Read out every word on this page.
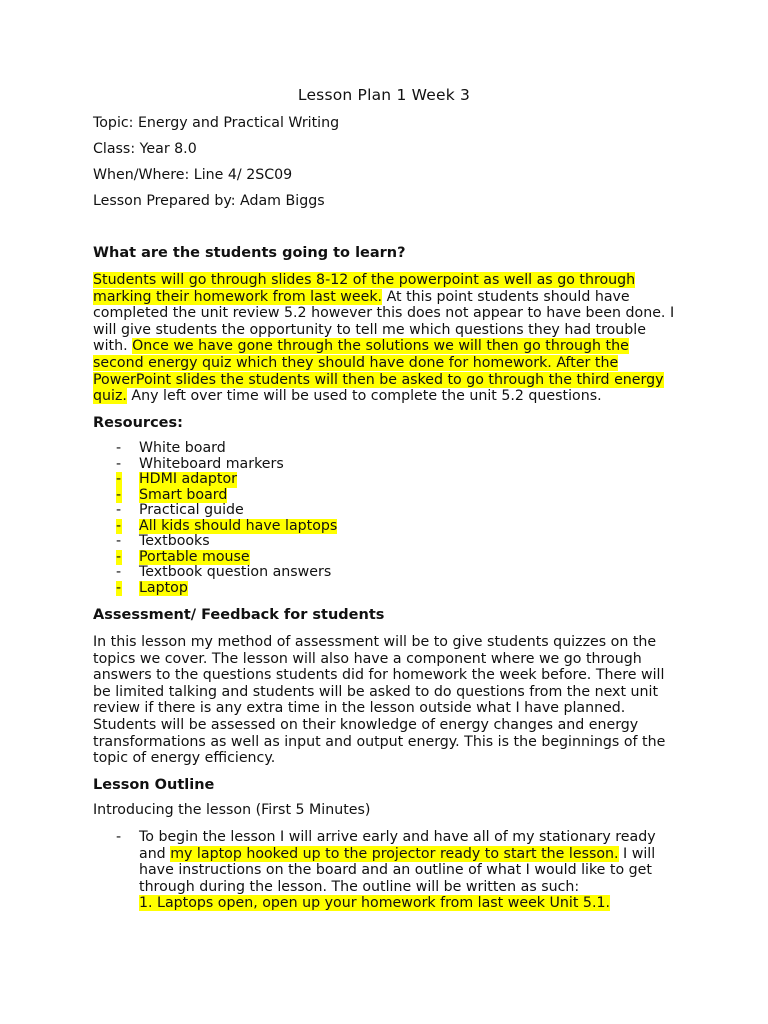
Lesson Plan 1 Week 3
Topic: Energy and Practical Writing
Class: Year 8.0
When/Where: Line 4/ 2SC09
Lesson Prepared by: Adam Biggs
What are the students going to learn?
Students will go through slides 8-12 of the powerpoint as well as go through marking their homework from last week. At this point students should have completed the unit review 5.2 however this does not appear to have been done. I will give students the opportunity to tell me which questions they had trouble with. Once we have gone through the solutions we will then go through the second energy quiz which they should have done for homework. After the PowerPoint slides the students will then be asked to go through the third energy quiz. Any left over time will be used to complete the unit 5.2 questions.
Resources:
- White board
- Whiteboard markers
- HDMI adaptor
- Smart board
- Practical guide
- All kids should have laptops
- Textbooks
- Portable mouse
- Textbook question answers
- Laptop
Assessment/ Feedback for students
In this lesson my method of assessment will be to give students quizzes on the topics we cover. The lesson will also have a component where we go through answers to the questions students did for homework the week before. There will be limited talking and students will be asked to do questions from the next unit review if there is any extra time in the lesson outside what I have planned. Students will be assessed on their knowledge of energy changes and energy transformations as well as input and output energy. This is the beginnings of the topic of energy efficiency.
Lesson Outline
Introducing the lesson (First 5 Minutes)
- To begin the lesson I will arrive early and have all of my stationary ready and my laptop hooked up to the projector ready to start the lesson. I will have instructions on the board and an outline of what I would like to get through during the lesson. The outline will be written as such:
1. Laptops open, open up your homework from last week Unit 5.1.
